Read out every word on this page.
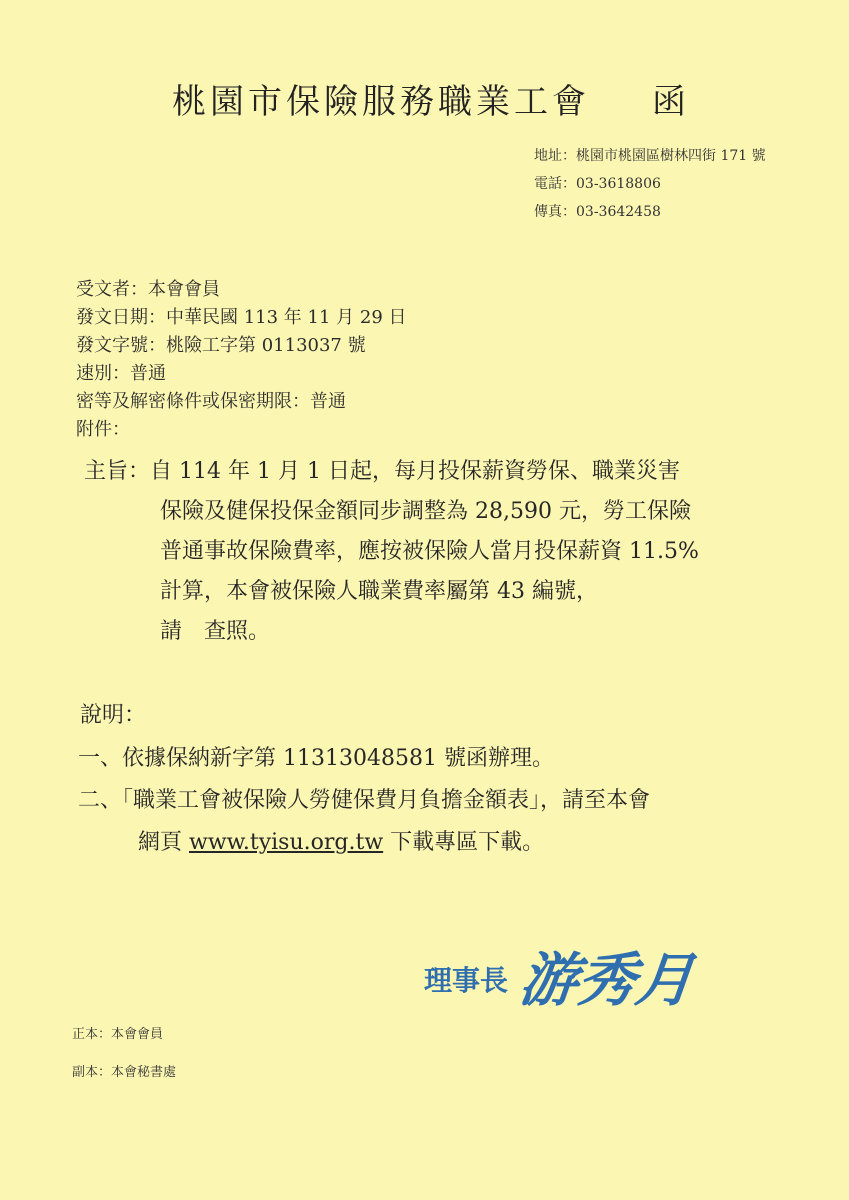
桃園市保險服務職業工會 函
地址：桃園市桃園區樹林四街 171 號
電話：03-3618806
傳真：03-3642458
受文者：本會會員
發文日期：中華民國 113 年 11 月 29 日
發文字號：桃險工字第 0113037 號
速別：普通
密等及解密條件或保密期限：普通
附件：
主旨：自 114 年 1 月 1 日起，每月投保薪資勞保、職業災害
保險及健保投保金額同步調整為 28,590 元，勞工保險
普通事故保險費率，應按被保險人當月投保薪資 11.5%
計算，本會被保險人職業費率屬第 43 編號，
請　查照。
說明：
一、依據保納新字第 11313048581 號函辦理。
二、「職業工會被保險人勞健保費月負擔金額表」，請至本會
網頁 www.tyisu.org.tw 下載專區下載。
理事長 游秀月
正本：本會會員
副本：本會秘書處
